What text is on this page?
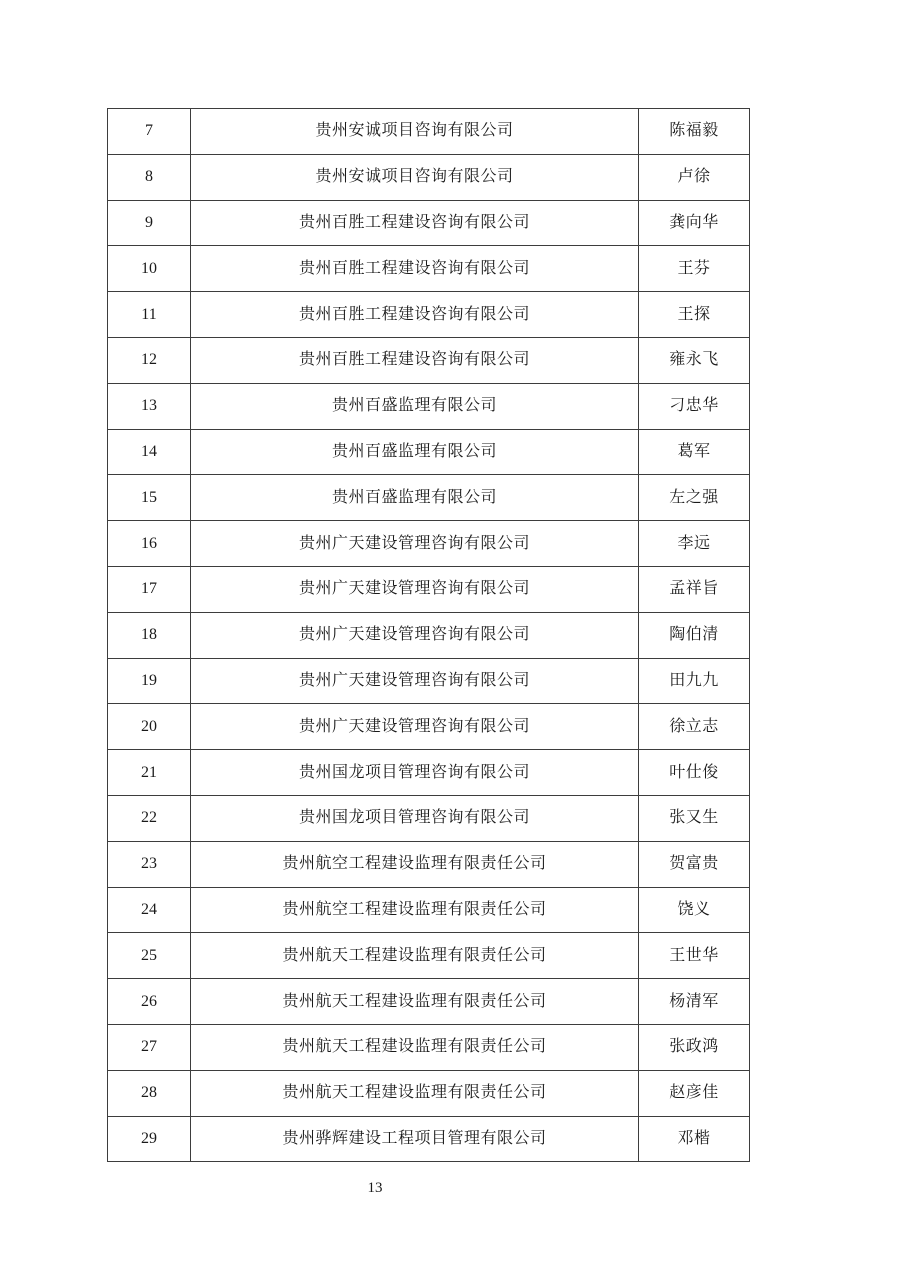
7	贵州安诚项目咨询有限公司	陈福毅
8	贵州安诚项目咨询有限公司	卢徐
9	贵州百胜工程建设咨询有限公司	龚向华
10	贵州百胜工程建设咨询有限公司	王芬
11	贵州百胜工程建设咨询有限公司	王探
12	贵州百胜工程建设咨询有限公司	雍永飞
13	贵州百盛监理有限公司	刁忠华
14	贵州百盛监理有限公司	葛军
15	贵州百盛监理有限公司	左之强
16	贵州广天建设管理咨询有限公司	李远
17	贵州广天建设管理咨询有限公司	孟祥旨
18	贵州广天建设管理咨询有限公司	陶伯清
19	贵州广天建设管理咨询有限公司	田九九
20	贵州广天建设管理咨询有限公司	徐立志
21	贵州国龙项目管理咨询有限公司	叶仕俊
22	贵州国龙项目管理咨询有限公司	张又生
23	贵州航空工程建设监理有限责任公司	贺富贵
24	贵州航空工程建设监理有限责任公司	饶义
25	贵州航天工程建设监理有限责任公司	王世华
26	贵州航天工程建设监理有限责任公司	杨清军
27	贵州航天工程建设监理有限责任公司	张政鸿
28	贵州航天工程建设监理有限责任公司	赵彦佳
29	贵州骅辉建设工程项目管理有限公司	邓楷
13
